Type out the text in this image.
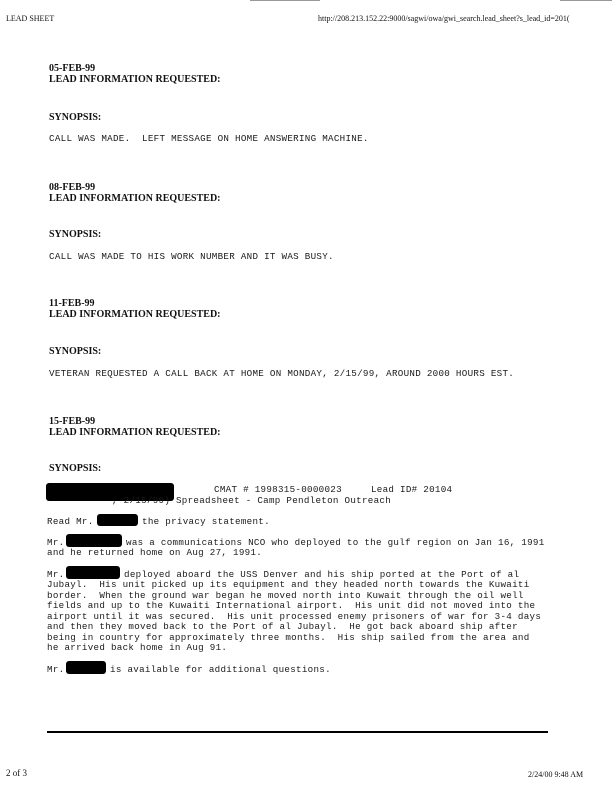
LEAD SHEET	http://208.213.152.22:9000/sagwi/owa/gwi_search.lead_sheet?s_lead_id=201(
05-FEB-99
LEAD INFORMATION REQUESTED:
SYNOPSIS:
CALL WAS MADE.  LEFT MESSAGE ON HOME ANSWERING MACHINE.
08-FEB-99
LEAD INFORMATION REQUESTED:
SYNOPSIS:
CALL WAS MADE TO HIS WORK NUMBER AND IT WAS BUSY.
11-FEB-99
LEAD INFORMATION REQUESTED:
SYNOPSIS:
VETERAN REQUESTED A CALL BACK AT HOME ON MONDAY, 2/15/99, AROUND 2000 HOURS EST.
15-FEB-99
LEAD INFORMATION REQUESTED:
SYNOPSIS:
CMAT # 1998315-0000023     Lead ID# 20104
, 2/15/99) Spreadsheet - Camp Pendleton Outreach
Read Mr.	the privacy statement.
Mr.	was a communications NCO who deployed to the gulf region on Jan 16, 1991
and he returned home on Aug 27, 1991.
Mr.	deployed aboard the USS Denver and his ship ported at the Port of al
Jubayl.  His unit picked up its equipment and they headed north towards the Kuwaiti
border.  When the ground war began he moved north into Kuwait through the oil well
fields and up to the Kuwaiti International airport.  His unit did not moved into the
airport until it was secured.  His unit processed enemy prisoners of war for 3-4 days
and then they moved back to the Port of al Jubayl.  He got back aboard ship after
being in country for approximately three months.  His ship sailed from the area and
he arrived back home in Aug 91.
Mr.	is available for additional questions.
2 of 3	2/24/00 9:48 AM
